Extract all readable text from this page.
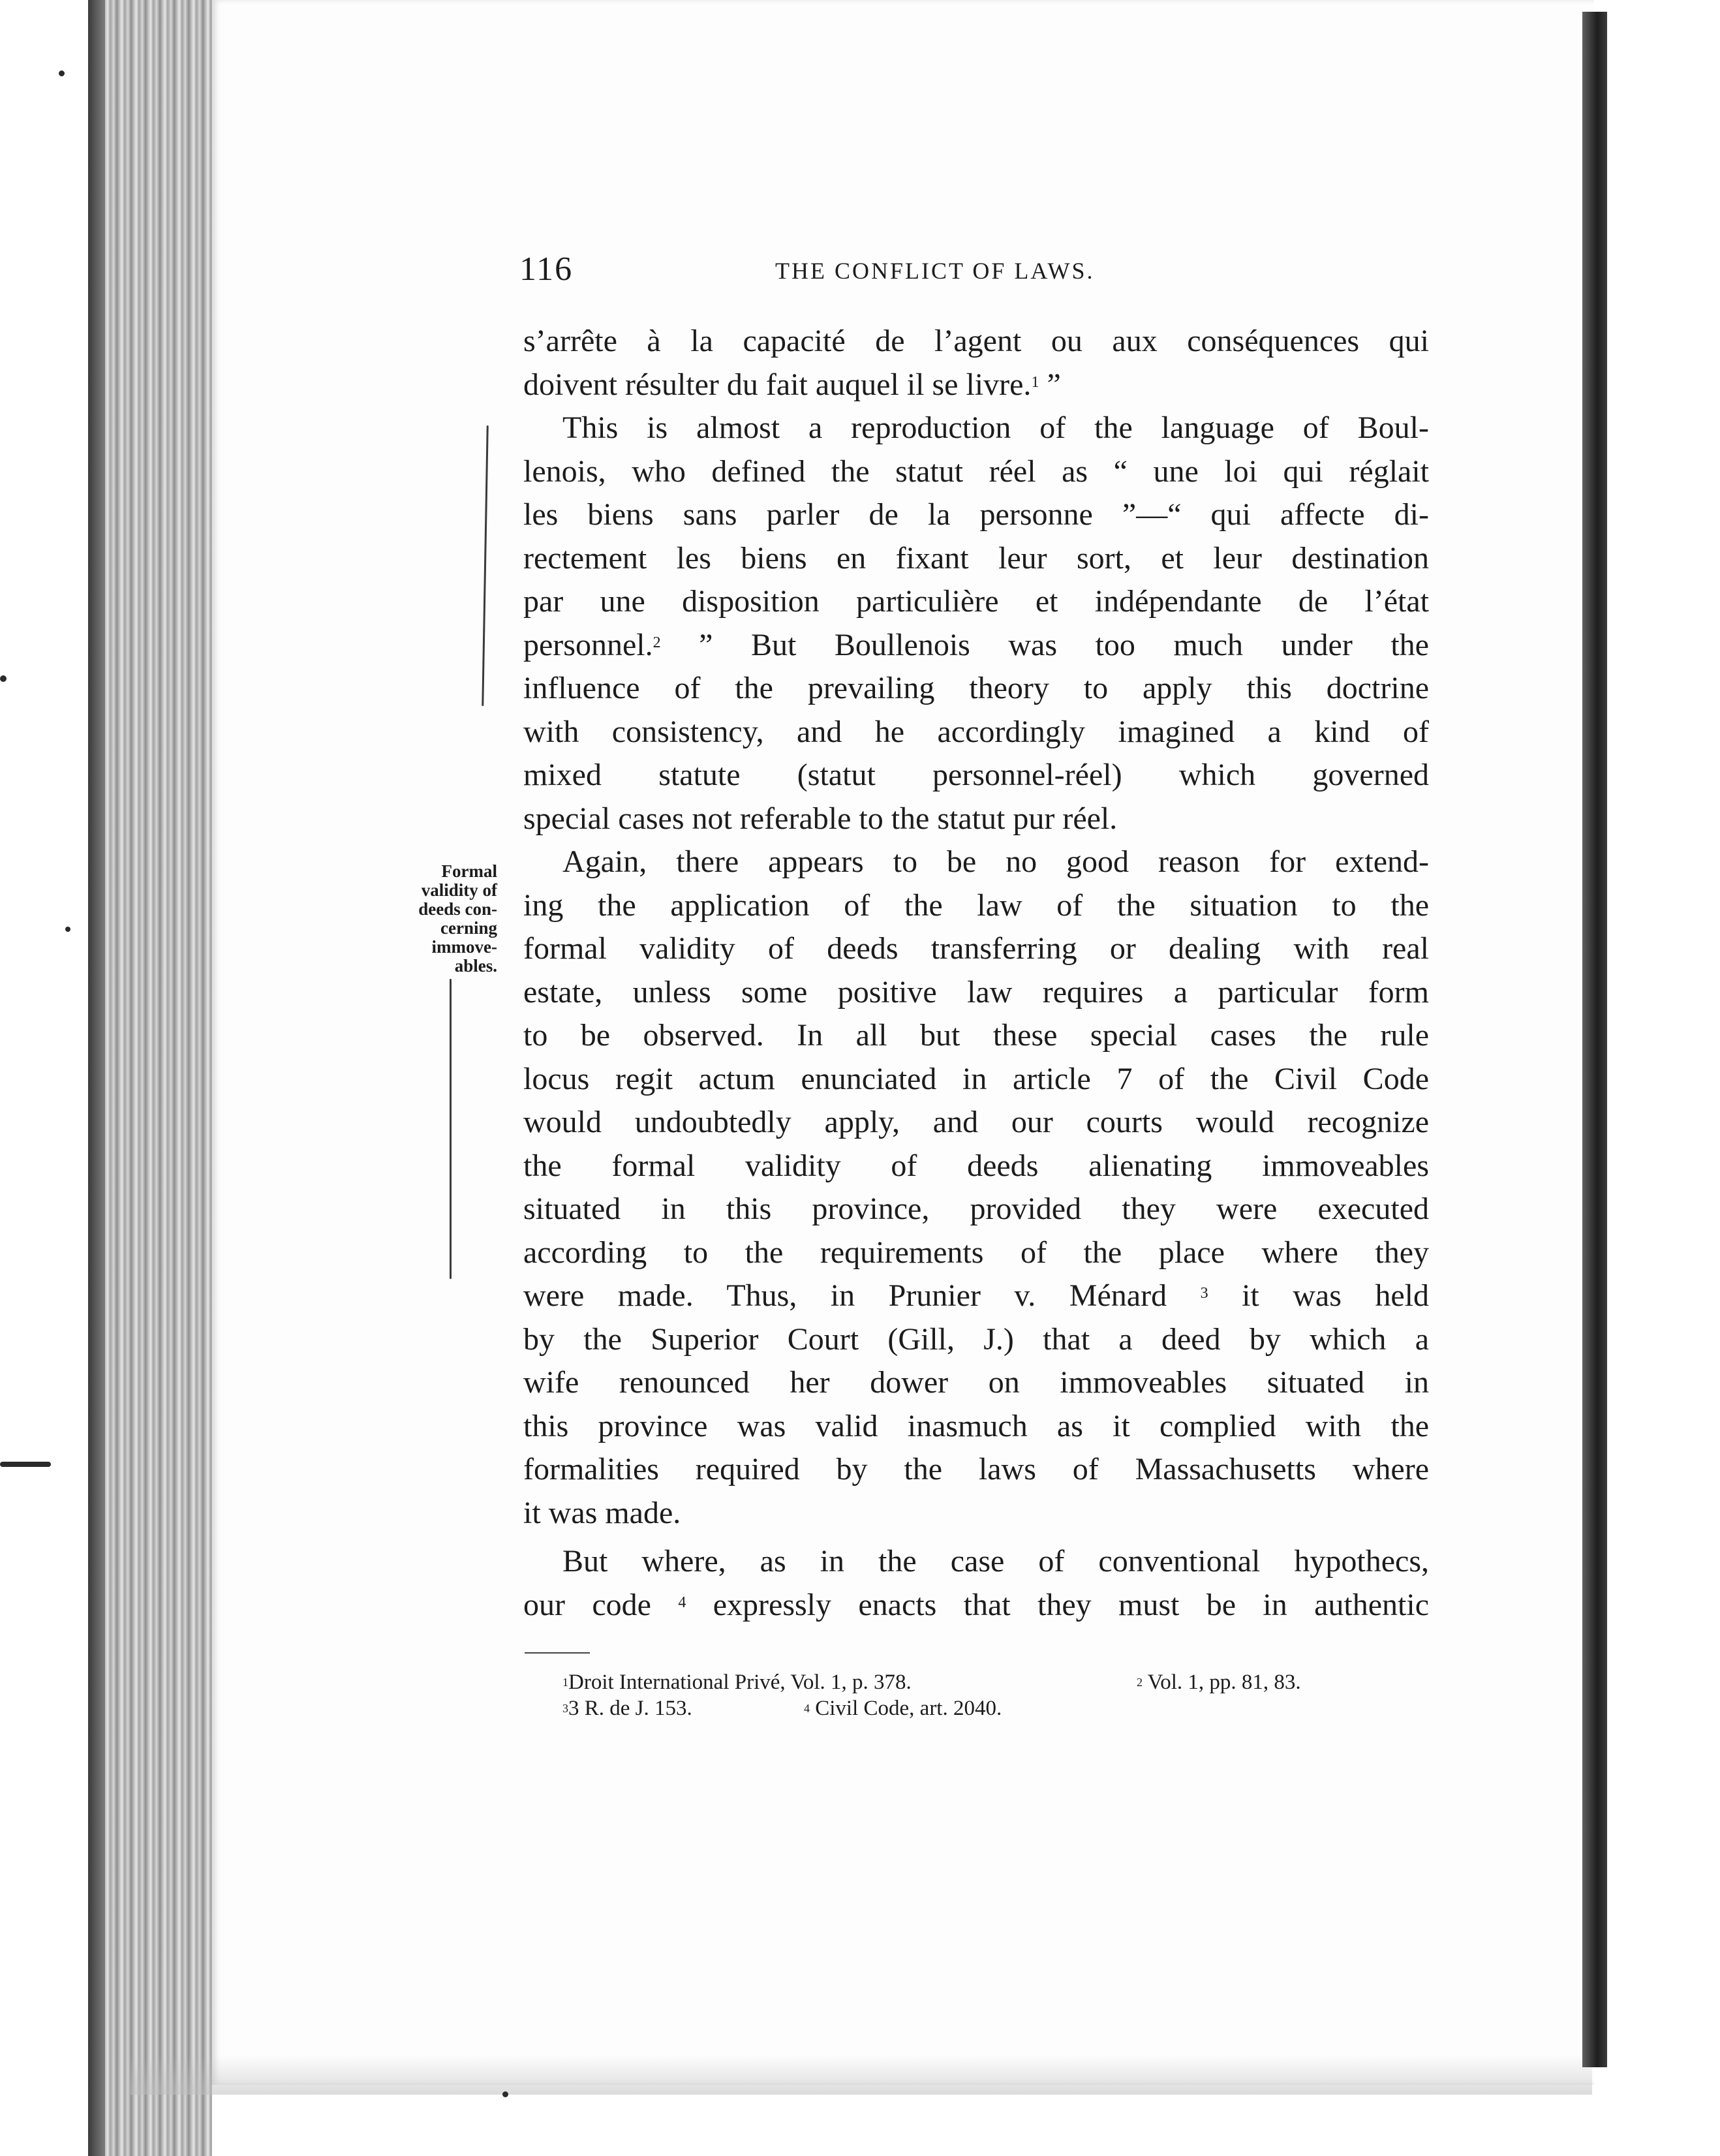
116	THE CONFLICT OF LAWS.
Formal
validity of
deeds con-
cerning
immove-
ables.
s’arrête à la capacité de l’agent ou aux conséquences qui
doivent résulter du fait auquel il se livre.$^1$ ”
This is almost a reproduction of the language of Boul-
lenois, who defined the statut réel as “ une loi qui réglait
les biens sans parler de la personne ”—“ qui affecte di-
rectement les biens en fixant leur sort, et leur destination
par une disposition particulière et indépendante de l’état
personnel.$^2$ ” But Boullenois was too much under the
influence of the prevailing theory to apply this doctrine
with consistency, and he accordingly imagined a kind of
mixed statute (statut personnel-réel) which governed
special cases not referable to the statut pur réel.
Again, there appears to be no good reason for extend-
ing the application of the law of the situation to the
formal validity of deeds transferring or dealing with real
estate, unless some positive law requires a particular form
to be observed. In all but these special cases the rule
locus regit actum enunciated in article 7 of the Civil Code
would undoubtedly apply, and our courts would recognize
the formal validity of deeds alienating immoveables
situated in this province, provided they were executed
according to the requirements of the place where they
were made. Thus, in Prunier v. Ménard $^3$ it was held
by the Superior Court (Gill, J.) that a deed by which a
wife renounced her dower on immoveables situated in
this province was valid inasmuch as it complied with the
formalities required by the laws of Massachusetts where
it was made.
But where, as in the case of conventional hypothecs,
our code $^4$ expressly enacts that they must be in authentic
$^1$Droit International Privé, Vol. 1, p. 378.	$^2$ Vol. 1, pp. 81, 83.
$^3$3 R. de J. 153.	$^4$ Civil Code, art. 2040.
